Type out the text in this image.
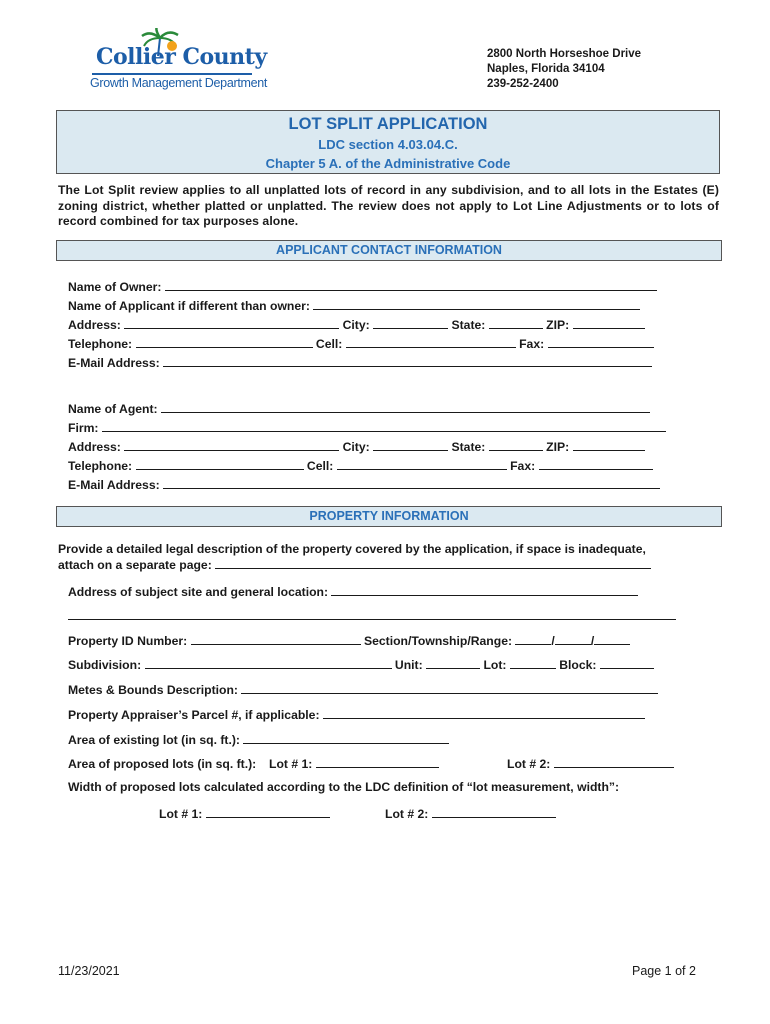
Collier County
Growth Management Department
2800 North Horseshoe Drive
Naples, Florida 34104
239-252-2400
LOT SPLIT APPLICATION
LDC section 4.03.04.C.
Chapter 5 A. of the Administrative Code
The Lot Split review applies to all unplatted lots of record in any subdivision, and to all lots in the Estates (E) zoning district, whether platted or unplatted. The review does not apply to Lot Line Adjustments or to lots of record combined for tax purposes alone.
APPLICANT CONTACT INFORMATION
Name of Owner:
Name of Applicant if different than owner:
Address:	City:	State:	ZIP:
Telephone:	Cell:	Fax:
E-Mail Address:
Name of Agent:
Firm:
Address:	City:	State:	ZIP:
Telephone:	Cell:	Fax:
E-Mail Address:
PROPERTY INFORMATION
Provide a detailed legal description of the property covered by the application, if space is inadequate,
attach on a separate page:
Address of subject site and general location:
Property ID Number:	Section/Township/Range:	/	/
Subdivision:	Unit:	Lot:	Block:
Metes & Bounds Description:
Property Appraiser’s Parcel #, if applicable:
Area of existing lot (in sq. ft.):
Area of proposed lots (in sq. ft.): Lot # 1:	Lot # 2:
Width of proposed lots calculated according to the LDC definition of “lot measurement, width”:
Lot # 1:	Lot # 2:
11/23/2021	Page 1 of 2
